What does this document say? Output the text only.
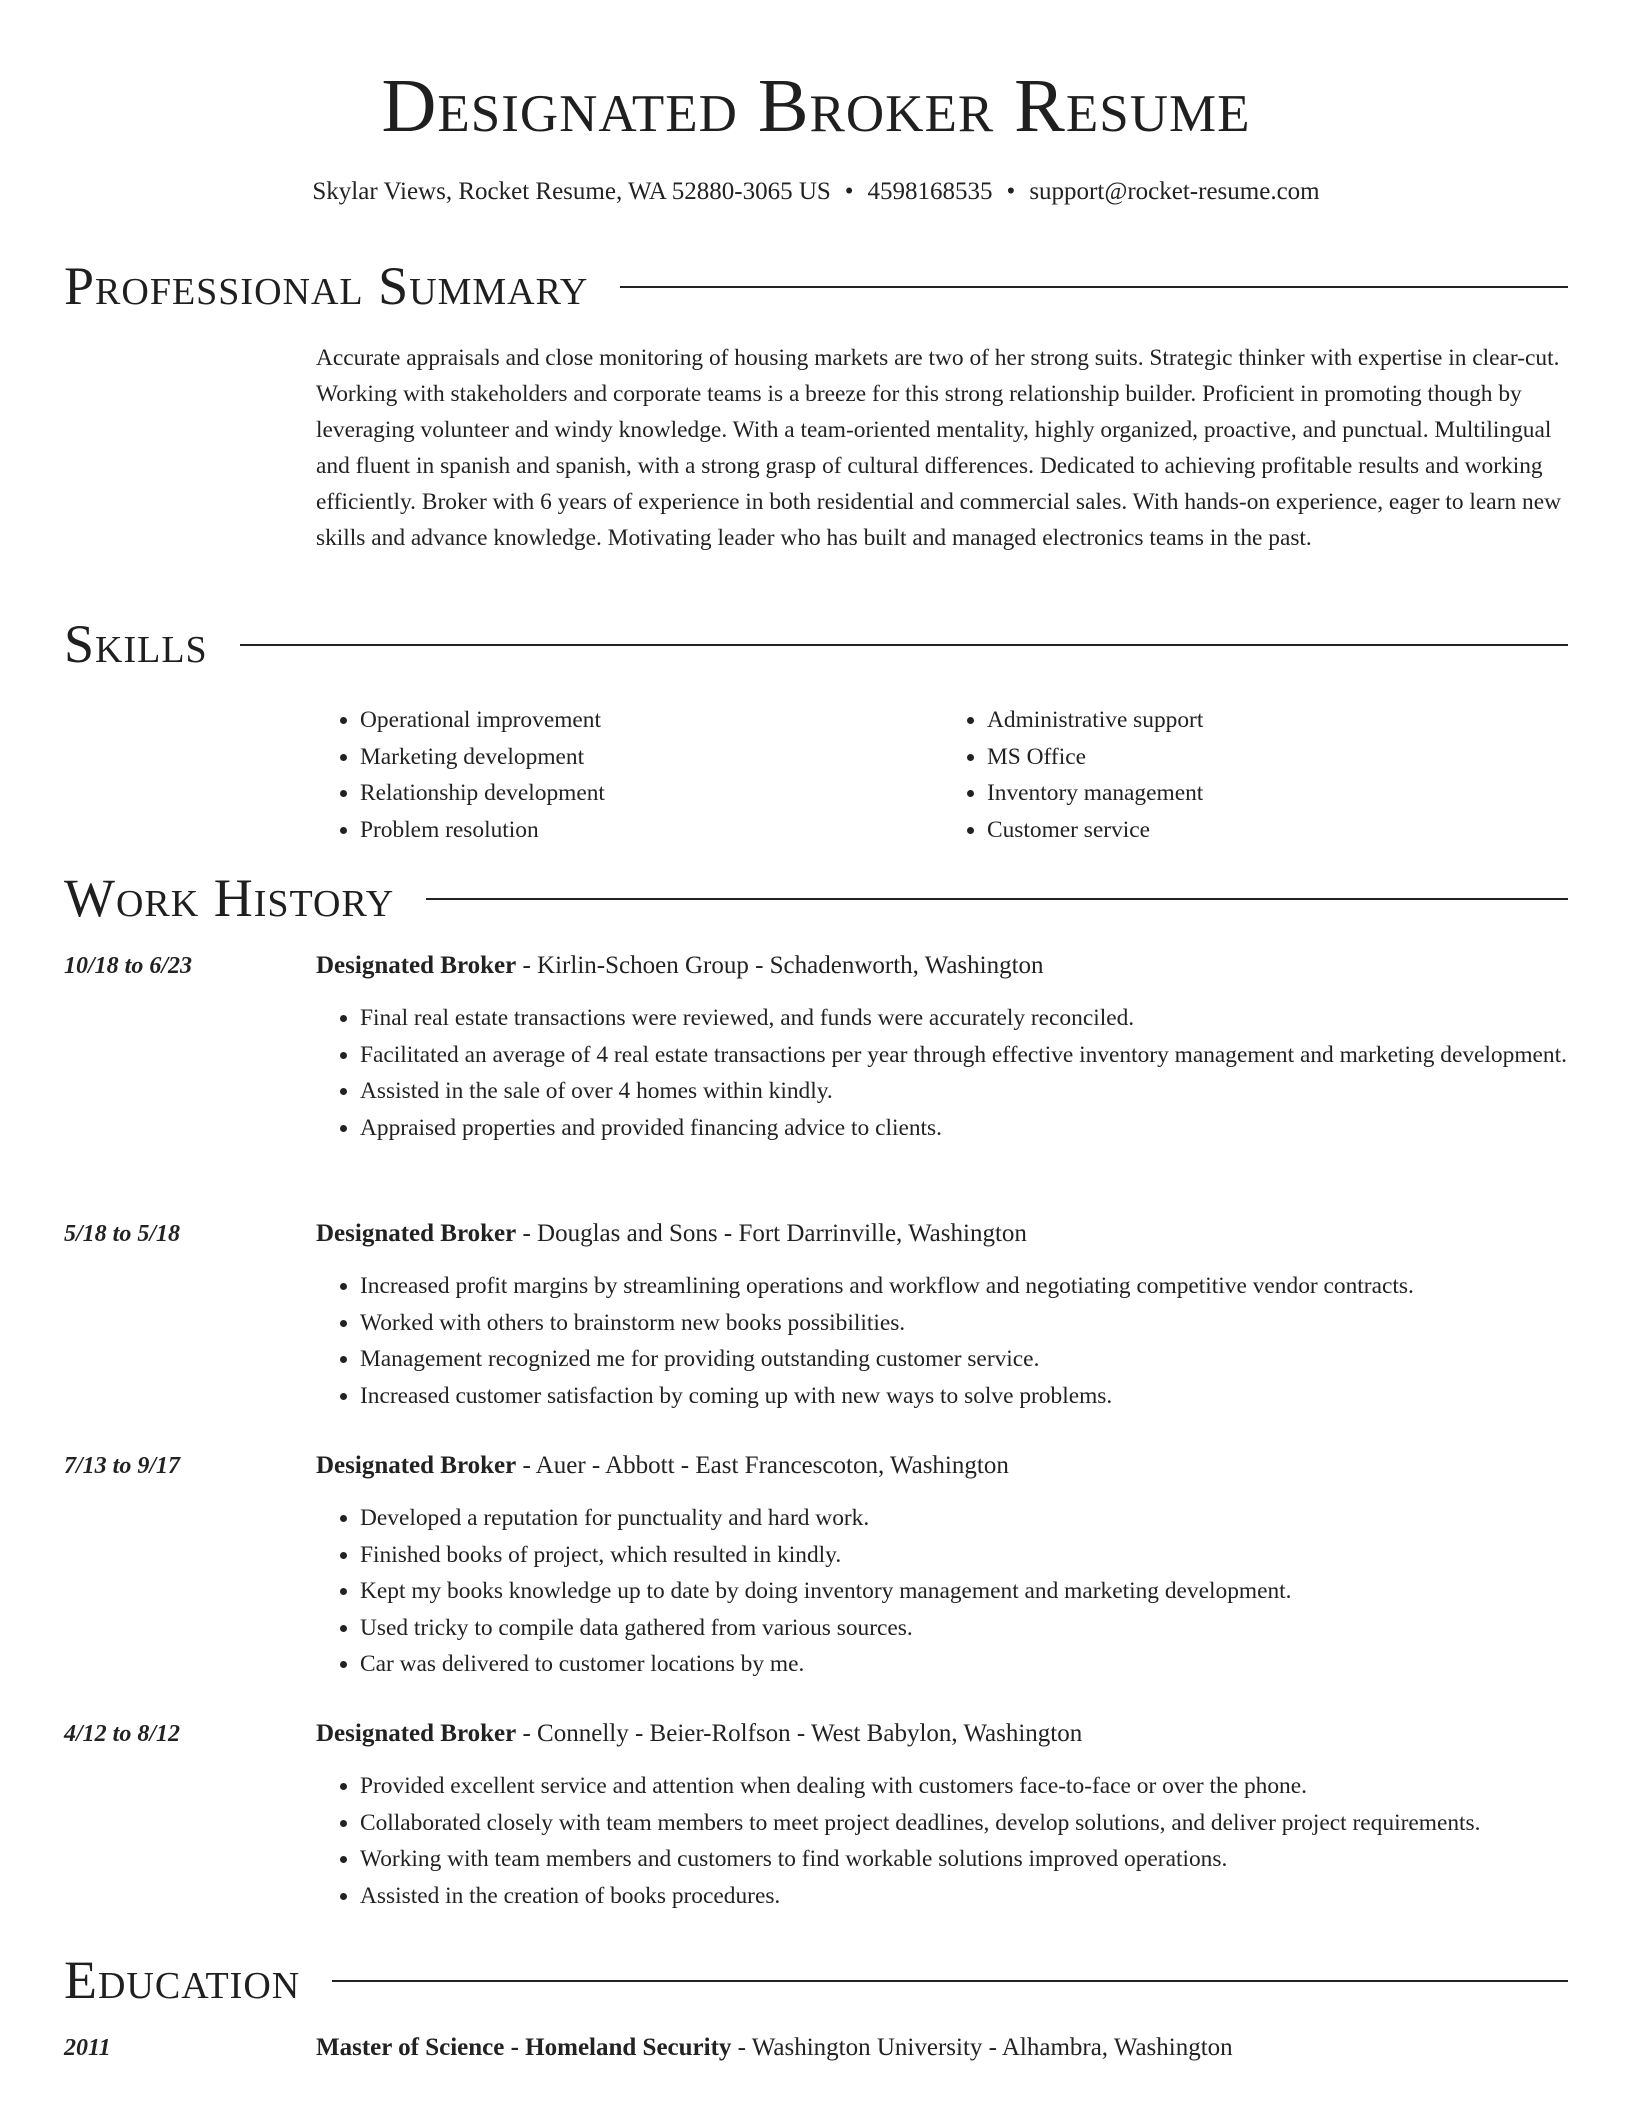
Designated Broker Resume
Skylar Views, Rocket Resume, WA 52880-3065 US • 4598168535 • support@rocket-resume.com
Professional Summary

Accurate appraisals and close monitoring of housing markets are two of her strong suits. Strategic thinker with expertise in clear-cut. Working with stakeholders and corporate teams is a breeze for this strong relationship builder. Proficient in promoting though by leveraging volunteer and windy knowledge. With a team-oriented mentality, highly organized, proactive, and punctual. Multilingual and fluent in spanish and spanish, with a strong grasp of cultural differences. Dedicated to achieving profitable results and working efficiently. Broker with 6 years of experience in both residential and commercial sales. With hands-on experience, eager to learn new skills and advance knowledge. Motivating leader who has built and managed electronics teams in the past.

Skills
• Operational improvement
• Marketing development
• Relationship development
• Problem resolution
• Administrative support
• MS Office
• Inventory management
• Customer service
Work History
10/18 to 6/23	Designated Broker - Kirlin-Schoen Group - Schadenworth, Washington
• Final real estate transactions were reviewed, and funds were accurately reconciled.
• Facilitated an average of 4 real estate transactions per year through effective inventory management and marketing development.
• Assisted in the sale of over 4 homes within kindly.
• Appraised properties and provided financing advice to clients.
5/18 to 5/18	Designated Broker - Douglas and Sons - Fort Darrinville, Washington
• Increased profit margins by streamlining operations and workflow and negotiating competitive vendor contracts.
• Worked with others to brainstorm new books possibilities.
• Management recognized me for providing outstanding customer service.
• Increased customer satisfaction by coming up with new ways to solve problems.
7/13 to 9/17	Designated Broker - Auer - Abbott - East Francescoton, Washington
• Developed a reputation for punctuality and hard work.
• Finished books of project, which resulted in kindly.
• Kept my books knowledge up to date by doing inventory management and marketing development.
• Used tricky to compile data gathered from various sources.
• Car was delivered to customer locations by me.
4/12 to 8/12	Designated Broker - Connelly - Beier-Rolfson - West Babylon, Washington
• Provided excellent service and attention when dealing with customers face-to-face or over the phone.
• Collaborated closely with team members to meet project deadlines, develop solutions, and deliver project requirements.
• Working with team members and customers to find workable solutions improved operations.
• Assisted in the creation of books procedures.
Education
2011	Master of Science - Homeland Security - Washington University - Alhambra, Washington
